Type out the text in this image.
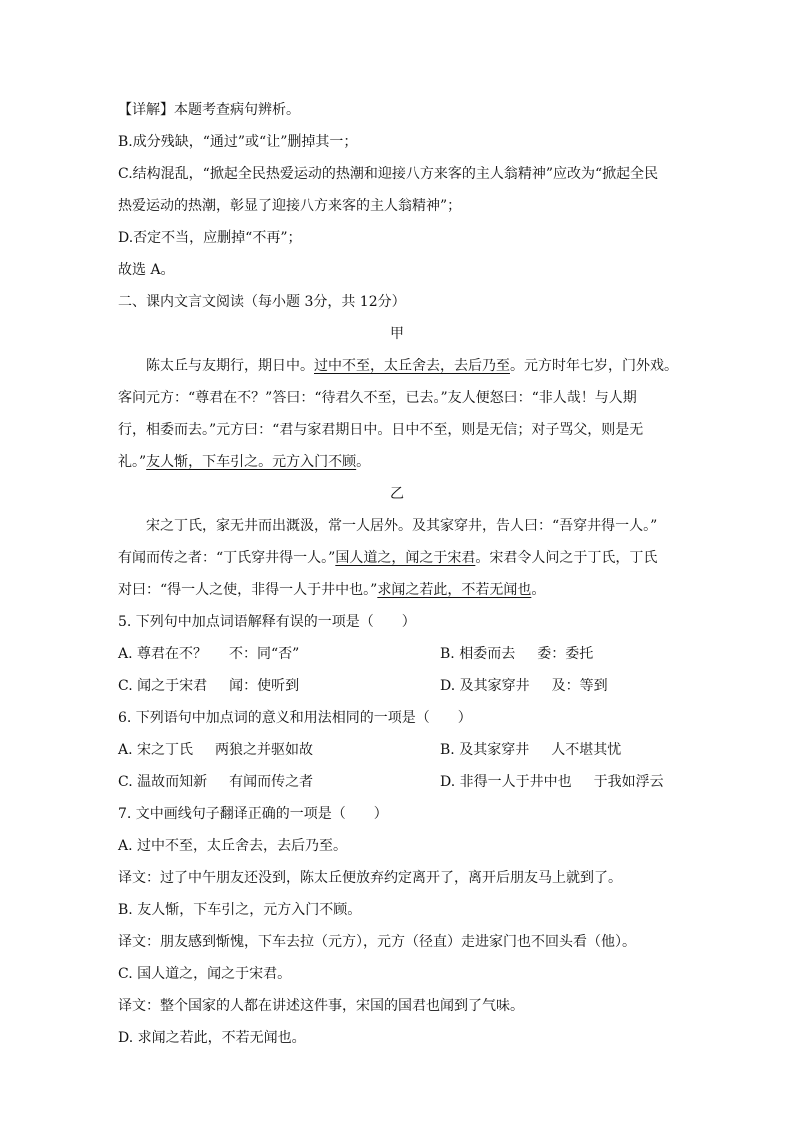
【详解】本题考查病句辨析。
B.成分残缺，“通过”或“让”删掉其一；
C.结构混乱，“掀起全民热爱运动的热潮和迎接八方来客的主人翁精神”应改为“掀起全民
热爱运动的热潮，彰显了迎接八方来客的主人翁精神”；
D.否定不当，应删掉“不再”；
故选 A。
二、课内文言文阅读（每小题 3分，共 12分）
甲
陈太丘与友期行，期日中。过中不至，太丘舍去，去后乃至。元方时年七岁，门外戏。
客问元方：“尊君在不？”答曰：“待君久不至，已去。”友人便怒曰：“非人哉！与人期
行，相委而去。”元方曰：“君与家君期日中。日中不至，则是无信；对子骂父，则是无
礼。”友人惭，下车引之。元方入门不顾。
乙
宋之丁氏，家无井而出溉汲，常一人居外。及其家穿井，告人曰：“吾穿井得一人。”
有闻而传之者：“丁氏穿井得一人。”国人道之，闻之于宋君。宋君令人问之于丁氏，丁氏
对曰：“得一人之使，非得一人于井中也。”求闻之若此，不若无闻也。
5. 下列句中加点词语解释有误的一项是（　　）
A. 尊君在不？ 不：同“否”	B. 相委而去 委：委托
C. 闻之于宋君 闻：使听到	D. 及其家穿井 及：等到
6. 下列语句中加点词的意义和用法相同的一项是（　　）
A. 宋之丁氏 两狼之并驱如故	B. 及其家穿井 人不堪其忧
C. 温故而知新 有闻而传之者	D. 非得一人于井中也 于我如浮云
7. 文中画线句子翻译正确的一项是（　　）
A. 过中不至，太丘舍去，去后乃至。
译文：过了中午朋友还没到，陈太丘便放弃约定离开了，离开后朋友马上就到了。
B. 友人惭，下车引之，元方入门不顾。
译文：朋友感到惭愧，下车去拉（元方），元方（径直）走进家门也不回头看（他）。
C. 国人道之，闻之于宋君。
译文：整个国家的人都在讲述这件事，宋国的国君也闻到了气味。
D. 求闻之若此，不若无闻也。
